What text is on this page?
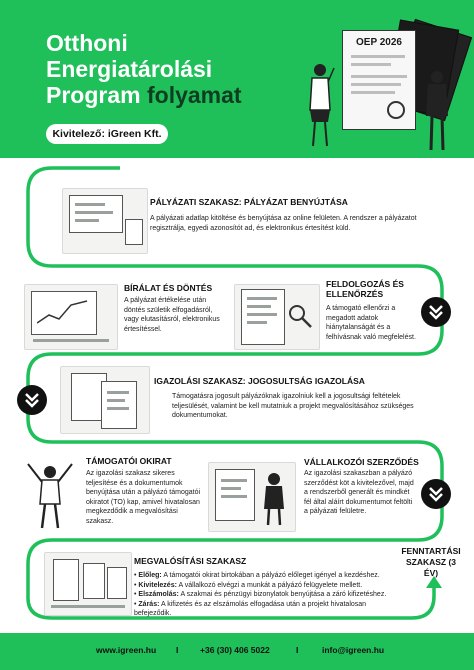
Otthoni
Energiatárolási
Program folyamat
Kivitelező: iGreen Kft.
OEP 2026
PÁLYÁZATI SZAKASZ: PÁLYÁZAT BENYÚJTÁSA
A pályázati adatlap kitöltése és benyújtása az online felületen. A rendszer a pályázatot regisztrálja, egyedi azonosítót ad, és elektronikus értesítést küld.
BÍRÁLAT ÉS DÖNTÉS
A pályázat értékelése után döntés születik elfogadásról, vagy elutasításról, elektronikus értesítéssel.
FELDOLGOZÁS ÉS ELLENŐRZÉS
A támogató ellenőrzi a megadott adatok hiánytalanságát és a felhívásnak való megfelelést.
IGAZOLÁSI SZAKASZ: JOGOSULTSÁG IGAZOLÁSA
Támogatásra jogosult pályázóknak igazolniuk kell a jogosultsági feltételek teljesülését, valamint be kell mutatniuk a projekt megvalósításához szükséges dokumentumokat.
TÁMOGATÓI OKIRAT
Az igazolási szakasz sikeres teljesítése és a dokumentumok benyújtása után a pályázó támogatói okiratot (TO) kap, amivel hivatalosan megkezdődik a megvalósítási szakasz.
VÁLLALKOZÓI SZERZŐDÉS
Az igazolási szakaszban a pályázó szerződést köt a kivitelezővel, majd a rendszerből generált és mindkét fél által aláírt dokumentumot feltölti a pályázati felületre.
MEGVALÓSÍTÁSI SZAKASZ
• Előleg: A támogatói okirat birtokában a pályázó előleget igényel a kezdéshez.
• Kivitelezés: A vállalkozó elvégzi a munkát a pályázó felügyelete mellett.
• Elszámolás: A szakmai és pénzügyi bizonylatok benyújtása a záró kifizetéshez.
• Zárás: A kifizetés és az elszámolás elfogadása után a projekt hivatalosan befejeződik.
FENNTARTÁSI
SZAKASZ (3 ÉV)
www.igreen.hu I	+36 (30) 406 5022	I	info@igreen.hu
